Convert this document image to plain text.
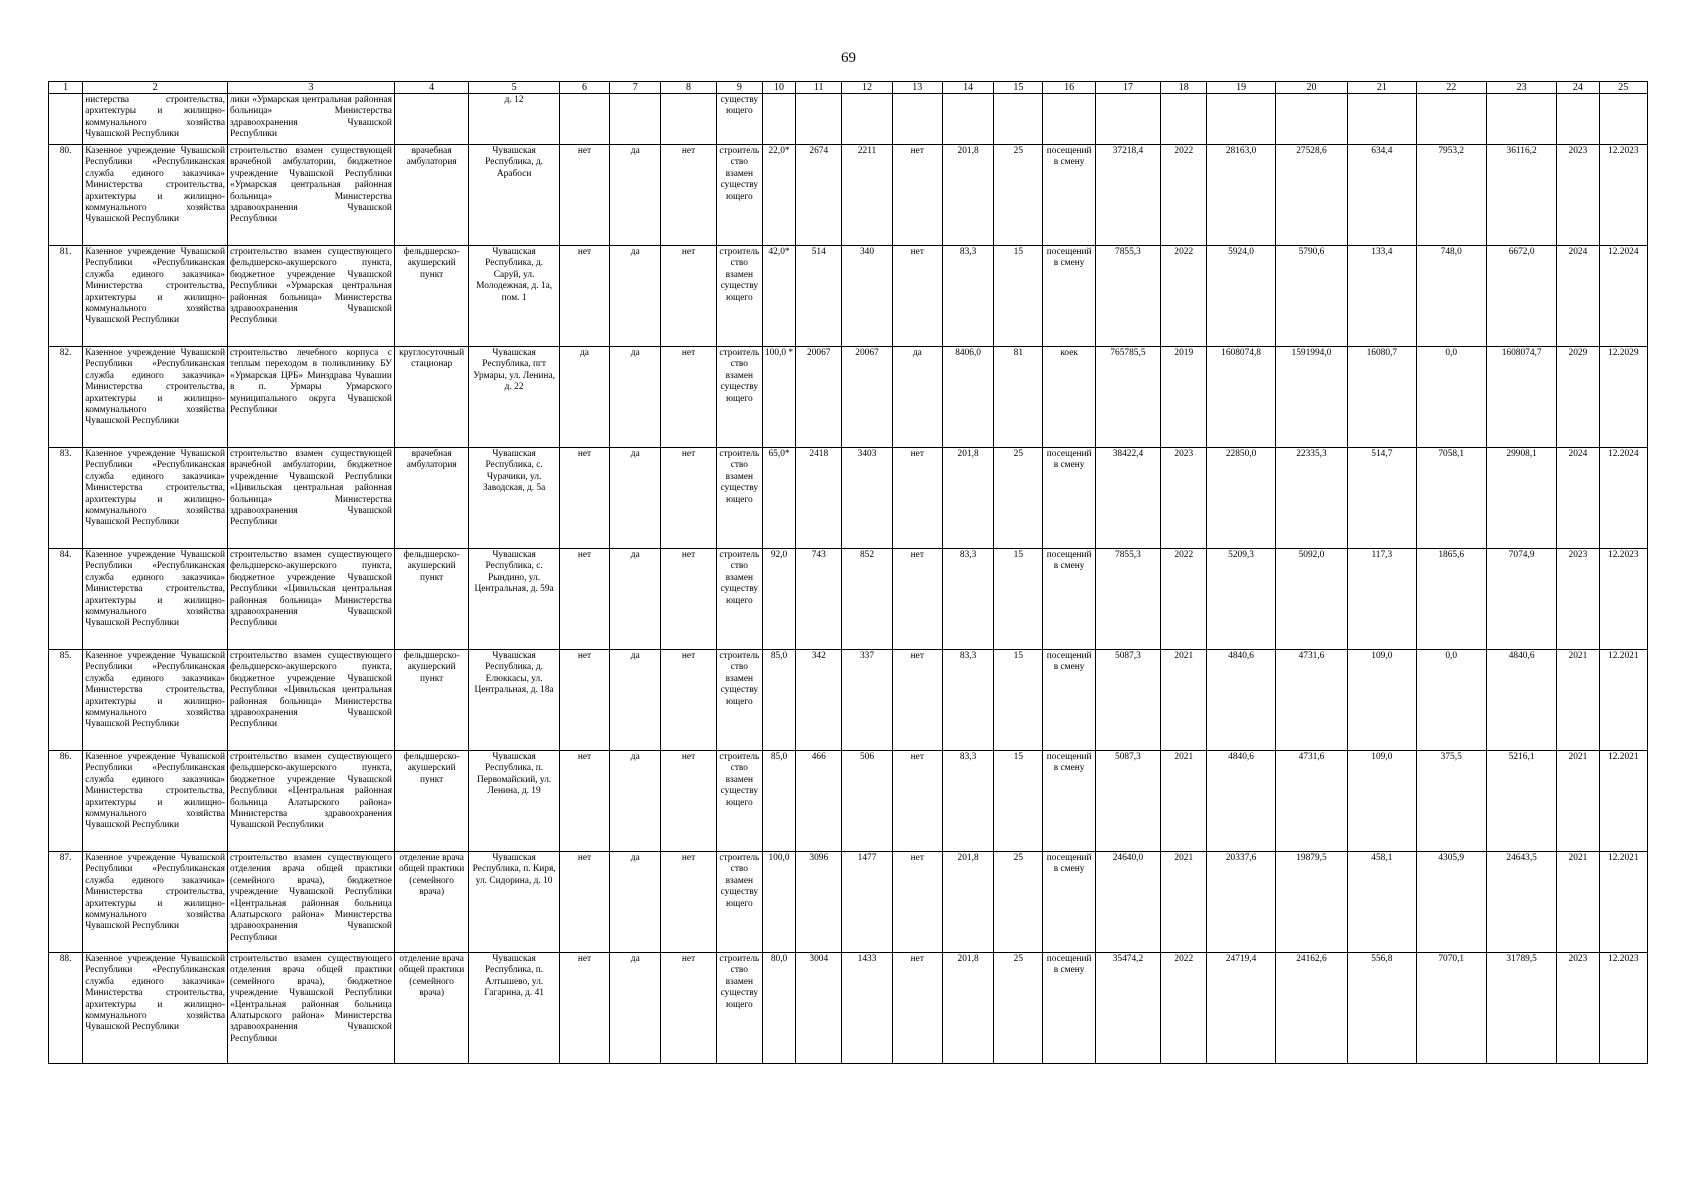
69
1	2	3	4	5	6	7	8	9	10	11	12	13	14	15	16	17	18	19	20	21	22	23	24	25
	нистерства строительства, архитектуры и жилищно-коммунального хозяйства Чувашской Республики	лики «Урмарская центральная районная больница» Министерства здравоохранения Чувашской Республики		д. 12				существующего																
80.	Казенное учреждение Чувашской Республики «Республиканская служба единого заказчика» Министерства строительства, архитектуры и жилищно-коммунального хозяйства Чувашской Республики	строительство взамен существующей врачебной амбулатории, бюджетное учреждение Чувашской Республики «Урмарская центральная районная больница» Министерства здравоохранения Чувашской Республики	врачебная амбулатория	Чувашская Республика, д. Арабоси	нет	да	нет	строительство взамен существующего	22,0*	2674	2211	нет	201,8	25	посещений в смену	37218,4	2022	28163,0	27528,6	634,4	7953,2	36116,2	2023	12.2023
81.	Казенное учреждение Чувашской Республики «Республиканская служба единого заказчика» Министерства строительства, архитектуры и жилищно-коммунального хозяйства Чувашской Республики	строительство взамен существующего фельдшерско-акушерского пункта, бюджетное учреждение Чувашской Республики «Урмарская центральная районная больница» Министерства здравоохранения Чувашской Республики	фельдшерско-акушерский пункт	Чувашская Республика, д. Саруй, ул. Молодежная, д. 1а, пом. 1	нет	да	нет	строительство взамен существующего	42,0*	514	340	нет	83,3	15	посещений в смену	7855,3	2022	5924,0	5790,6	133,4	748,0	6672,0	2024	12.2024
82.	Казенное учреждение Чувашской Республики «Республиканская служба единого заказчика» Министерства строительства, архитектуры и жилищно-коммунального хозяйства Чувашской Республики	строительство лечебного корпуса с теплым переходом в поликлинику БУ «Урмарская ЦРБ» Минздрава Чувашии в п. Урмары Урмарского муниципального округа Чувашской Республики	круглосуточный стационар	Чувашская Республика, пгт Урмары, ул. Ленина, д. 22	да	да	нет	строительство взамен существующего	100,0 *	20067	20067	да	8406,0	81	коек	765785,5	2019	1608074,8	1591994,0	16080,7	0,0	1608074,7	2029	12.2029
83.	Казенное учреждение Чувашской Республики «Республиканская служба единого заказчика» Министерства строительства, архитектуры и жилищно-коммунального хозяйства Чувашской Республики	строительство взамен существующей врачебной амбулатории, бюджетное учреждение Чувашской Республики «Цивильская центральная районная больница» Министерства здравоохранения Чувашской Республики	врачебная амбулатория	Чувашская Республика, с. Чурачики, ул. Заводская, д. 5а	нет	да	нет	строительство взамен существующего	65,0*	2418	3403	нет	201,8	25	посещений в смену	38422,4	2023	22850,0	22335,3	514,7	7058,1	29908,1	2024	12.2024
84.	Казенное учреждение Чувашской Республики «Республиканская служба единого заказчика» Министерства строительства, архитектуры и жилищно-коммунального хозяйства Чувашской Республики	строительство взамен существующего фельдшерско-акушерского пункта, бюджетное учреждение Чувашской Республики «Цивильская центральная районная больница» Министерства здравоохранения Чувашской Республики	фельдшерско-акушерский пункт	Чувашская Республика, с. Рындино, ул. Центральная, д. 59а	нет	да	нет	строительство взамен существующего	92,0	743	852	нет	83,3	15	посещений в смену	7855,3	2022	5209,3	5092,0	117,3	1865,6	7074,9	2023	12.2023
85.	Казенное учреждение Чувашской Республики «Республиканская служба единого заказчика» Министерства строительства, архитектуры и жилищно-коммунального хозяйства Чувашской Республики	строительство взамен существующего фельдшерско-акушерского пункта, бюджетное учреждение Чувашской Республики «Цивильская центральная районная больница» Министерства здравоохранения Чувашской Республики	фельдшерско-акушерский пункт	Чувашская Республика, д. Елюккасы, ул. Центральная, д. 18а	нет	да	нет	строительство взамен существующего	85,0	342	337	нет	83,3	15	посещений в смену	5087,3	2021	4840,6	4731,6	109,0	0,0	4840,6	2021	12.2021
86.	Казенное учреждение Чувашской Республики «Республиканская служба единого заказчика» Министерства строительства, архитектуры и жилищно-коммунального хозяйства Чувашской Республики	строительство взамен существующего фельдшерско-акушерского пункта, бюджетное учреждение Чувашской Республики «Центральная районная больница Алатырского района» Министерства здравоохранения Чувашской Республики	фельдшерско-акушерский пункт	Чувашская Республика, п. Первомайский, ул. Ленина, д. 19	нет	да	нет	строительство взамен существующего	85,0	466	506	нет	83,3	15	посещений в смену	5087,3	2021	4840,6	4731,6	109,0	375,5	5216,1	2021	12.2021
87.	Казенное учреждение Чувашской Республики «Республиканская служба единого заказчика» Министерства строительства, архитектуры и жилищно-коммунального хозяйства Чувашской Республики	строительство взамен существующего отделения врача общей практики (семейного врача), бюджетное учреждение Чувашской Республики «Центральная районная больница Алатырского района» Министерства здравоохранения Чувашской Республики	отделение врача общей практики (семейного врача)	Чувашская Республика, п. Киря, ул. Сидорина, д. 10	нет	да	нет	строительство взамен существующего	100,0	3096	1477	нет	201,8	25	посещений в смену	24640,0	2021	20337,6	19879,5	458,1	4305,9	24643,5	2021	12.2021
88.	Казенное учреждение Чувашской Республики «Республиканская служба единого заказчика» Министерства строительства, архитектуры и жилищно-коммунального хозяйства Чувашской Республики	строительство взамен существующего отделения врача общей практики (семейного врача), бюджетное учреждение Чувашской Республики «Центральная районная больница Алатырского района» Министерства здравоохранения Чувашской Республики	отделение врача общей практики (семейного врача)	Чувашская Республика, п. Алтышево, ул. Гагарина, д. 41	нет	да	нет	строительство взамен существующего	80,0	3004	1433	нет	201,8	25	посещений в смену	35474,2	2022	24719,4	24162,6	556,8	7070,1	31789,5	2023	12.2023
